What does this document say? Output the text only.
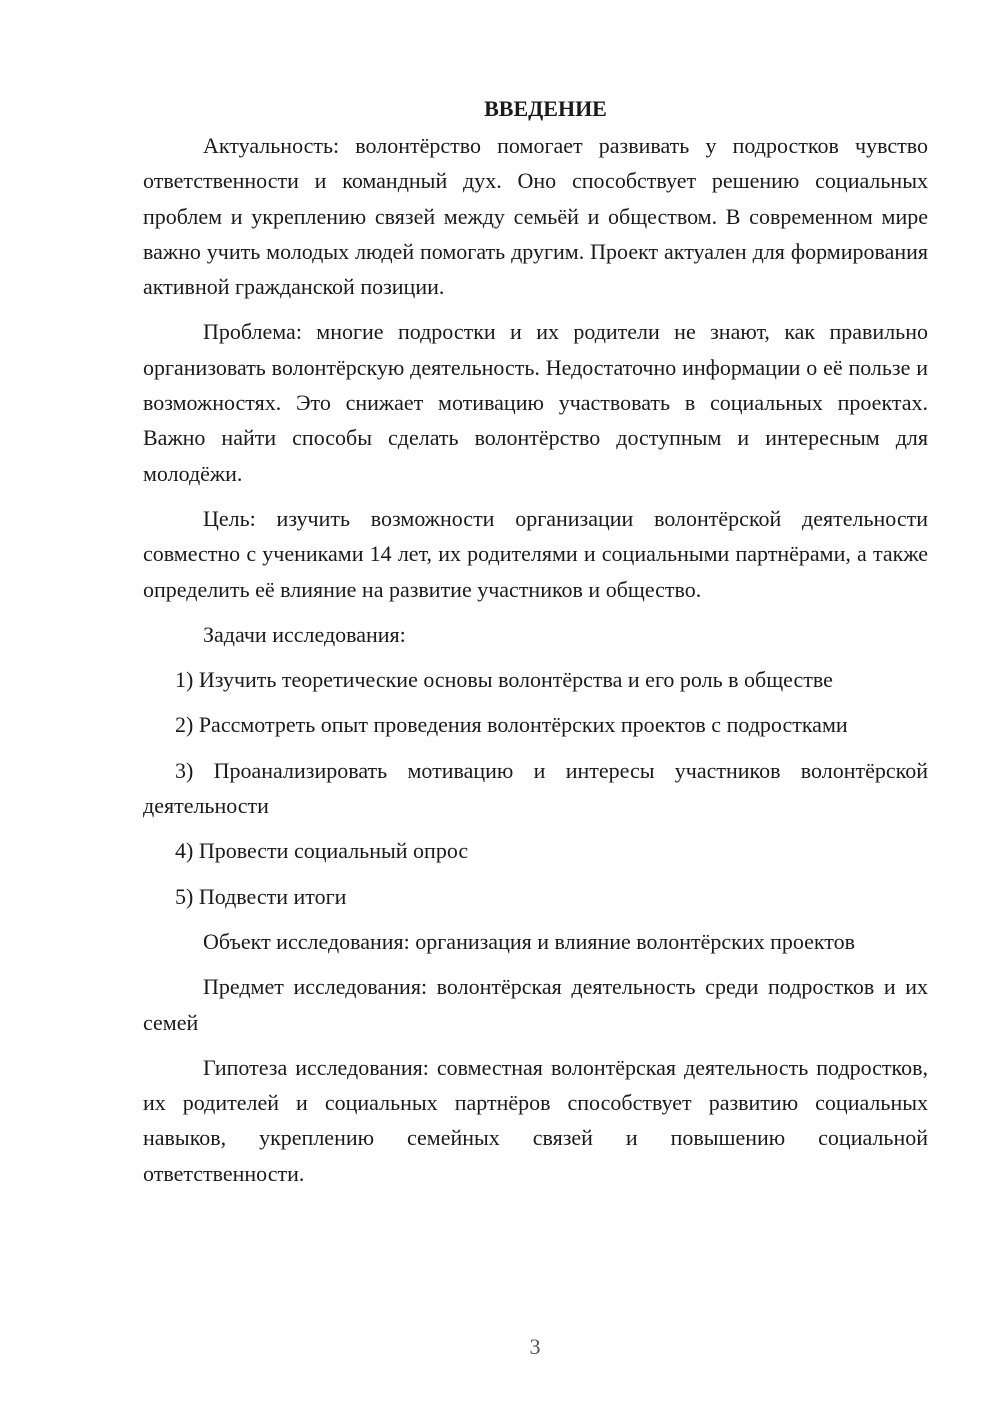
ВВЕДЕНИЕ

Актуальность: волонтёрство помогает развивать у подростков чувство ответственности и командный дух. Оно способствует решению социальных проблем и укреплению связей между семьёй и обществом. В современном мире важно учить молодых людей помогать другим. Проект актуален для формирования активной гражданской позиции.

Проблема: многие подростки и их родители не знают, как правильно организовать волонтёрскую деятельность. Недостаточно информации о её пользе и возможностях. Это снижает мотивацию участвовать в социальных проектах. Важно найти способы сделать волонтёрство доступным и интересным для молодёжи.

Цель: изучить возможности организации волонтёрской деятельности совместно с учениками 14 лет, их родителями и социальными партнёрами, а также определить её влияние на развитие участников и общество.

Задачи исследования:

1) Изучить теоретические основы волонтёрства и его роль в обществе

2) Рассмотреть опыт проведения волонтёрских проектов с подростками

3) Проанализировать мотивацию и интересы участников волонтёрской деятельности

4) Провести социальный опрос

5) Подвести итоги

Объект исследования: организация и влияние волонтёрских проектов

Предмет исследования: волонтёрская деятельность среди подростков и их семей

Гипотеза исследования: совместная волонтёрская деятельность подростков, их родителей и социальных партнёров способствует развитию социальных навыков, укреплению семейных связей и повышению социальной ответственности.

3
